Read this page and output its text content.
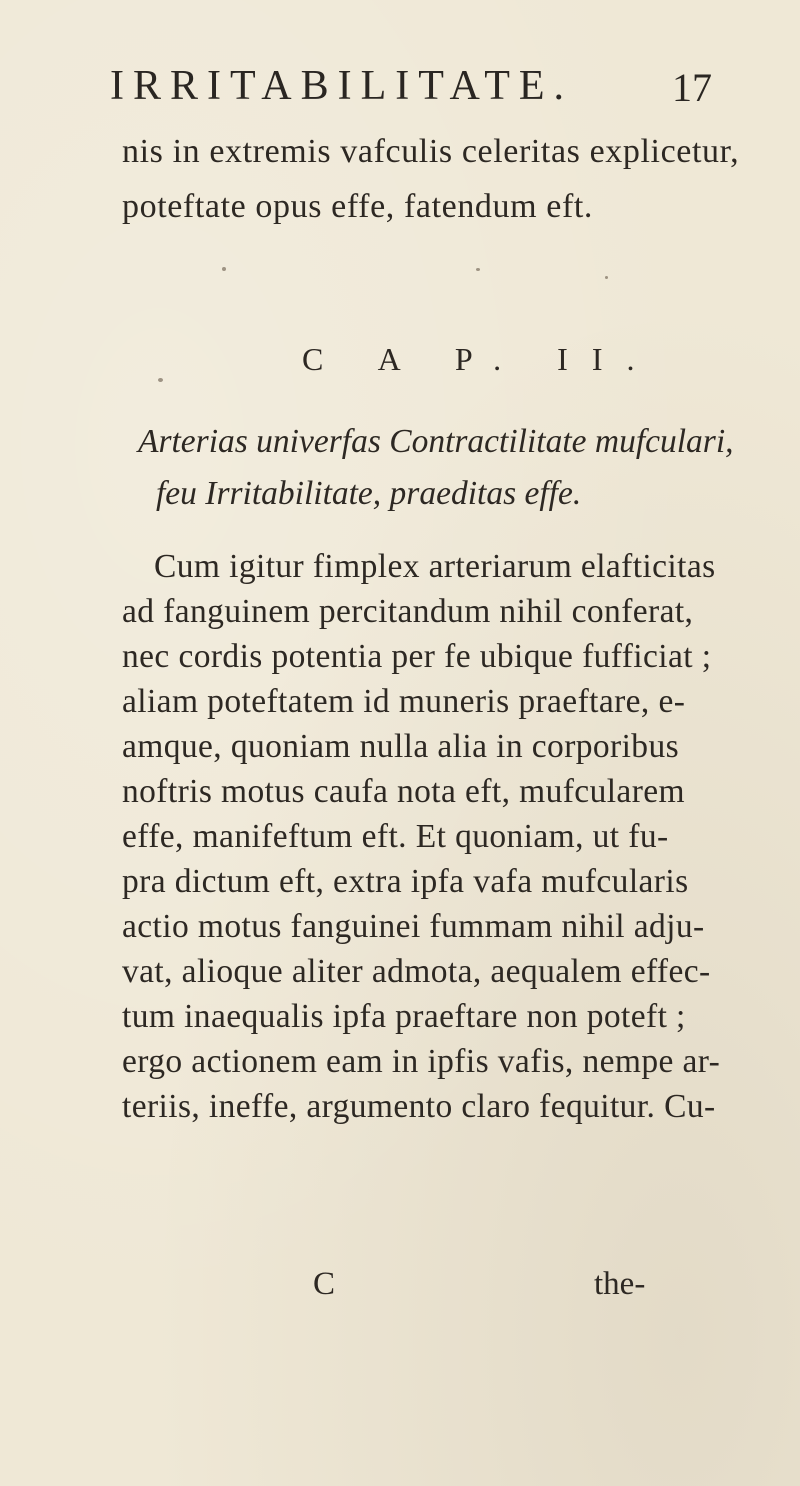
IRRITABILITATE. 17
nis in extremis vafculis celeritas explicetur,
poteftate opus effe, fatendum eft.
C A P. II.
Arterias univerfas Contractilitate mufculari,
feu Irritabilitate, praeditas effe.
Cum igitur fimplex arteriarum elafticitas
ad fanguinem percitandum nihil conferat,
nec cordis potentia per fe ubique fufficiat ;
aliam poteftatem id muneris praeftare, e-
amque, quoniam nulla alia in corporibus
noftris motus caufa nota eft, mufcularem
effe, manifeftum eft. Et quoniam, ut fu-
pra dictum eft, extra ipfa vafa mufcularis
actio motus fanguinei fummam nihil adju-
vat, alioque aliter admota, aequalem effec-
tum inaequalis ipfa praeftare non poteft ;
ergo actionem eam in ipfis vafis, nempe ar-
teriis, ineffe, argumento claro fequitur. Cu-
C	the-
